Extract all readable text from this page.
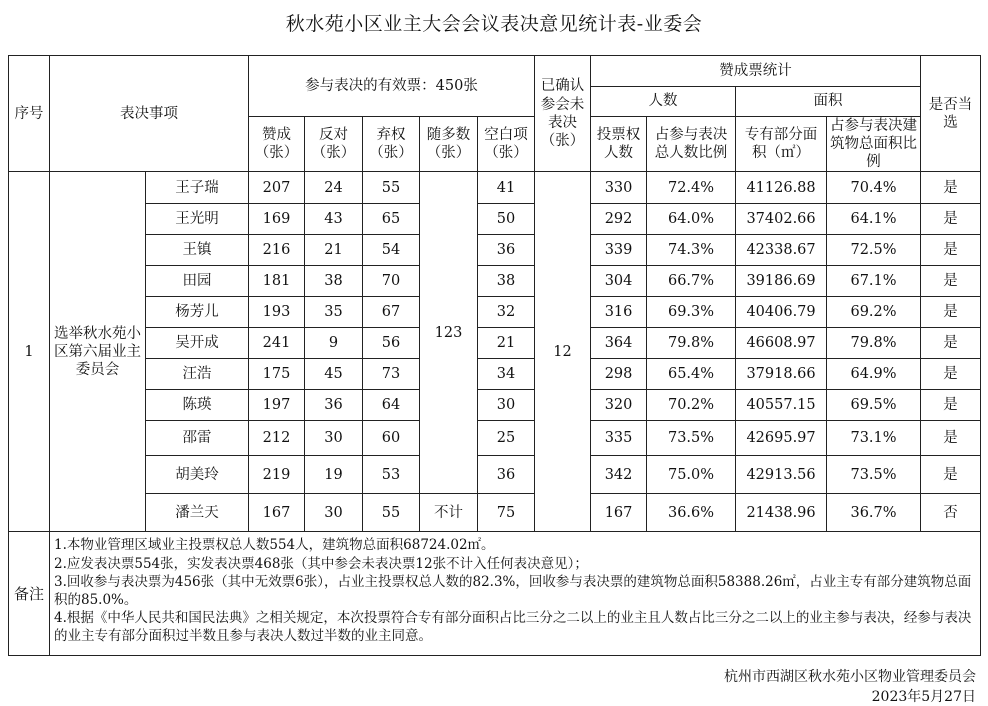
秋水苑小区业主大会会议表决意见统计表-业委会
序号	表决事项		参与表决的有效票：450张					已确认参会未表决（张）	赞成票统计				是否当选
									人数		面积		
			赞成（张）	反对（张）	弃权（张）	随多数（张）	空白项（张）		投票权人数	占参与表决总人数比例	专有部分面积（㎡）	占参与表决建筑物总面积比例	
1	选举秋水苑小区第六届业主委员会	王子瑞	207	24	55	123	41	12	330	72.4%	41126.88	70.4%	是
		王光明	169	43	65		50		292	64.0%	37402.66	64.1%	是
		王镇	216	21	54		36		339	74.3%	42338.67	72.5%	是
		田园	181	38	70		38		304	66.7%	39186.69	67.1%	是
		杨芳儿	193	35	67		32		316	69.3%	40406.79	69.2%	是
		吴开成	241	9	56		21		364	79.8%	46608.97	79.8%	是
		汪浩	175	45	73		34		298	65.4%	37918.66	64.9%	是
		陈瑛	197	36	64		30		320	70.2%	40557.15	69.5%	是
		邵雷	212	30	60		25		335	73.5%	42695.97	73.1%	是
		胡美玲	219	19	53		36		342	75.0%	42913.56	73.5%	是
		潘兰天	167	30	55	不计	75		167	36.6%	21438.96	36.7%	否
备注	1.本物业管理区域业主投票权总人数554人，建筑物总面积68724.02㎡。
2.应发表决票554张，实发表决票468张（其中参会未表决票12张不计入任何表决意见）；
3.回收参与表决票为456张（其中无效票6张），占业主投票权总人数的82.3%，回收参与表决票的建筑物总面积58388.26㎡，占业主专有部分建筑物总面积的85.0%。
4.根据《中华人民共和国民法典》之相关规定，本次投票符合专有部分面积占比三分之二以上的业主且人数占比三分之二以上的业主参与表决，经参与表决的业主专有部分面积过半数且参与表决人数过半数的业主同意。												
杭州市西湖区秋水苑小区物业管理委员会
2023年5月27日
